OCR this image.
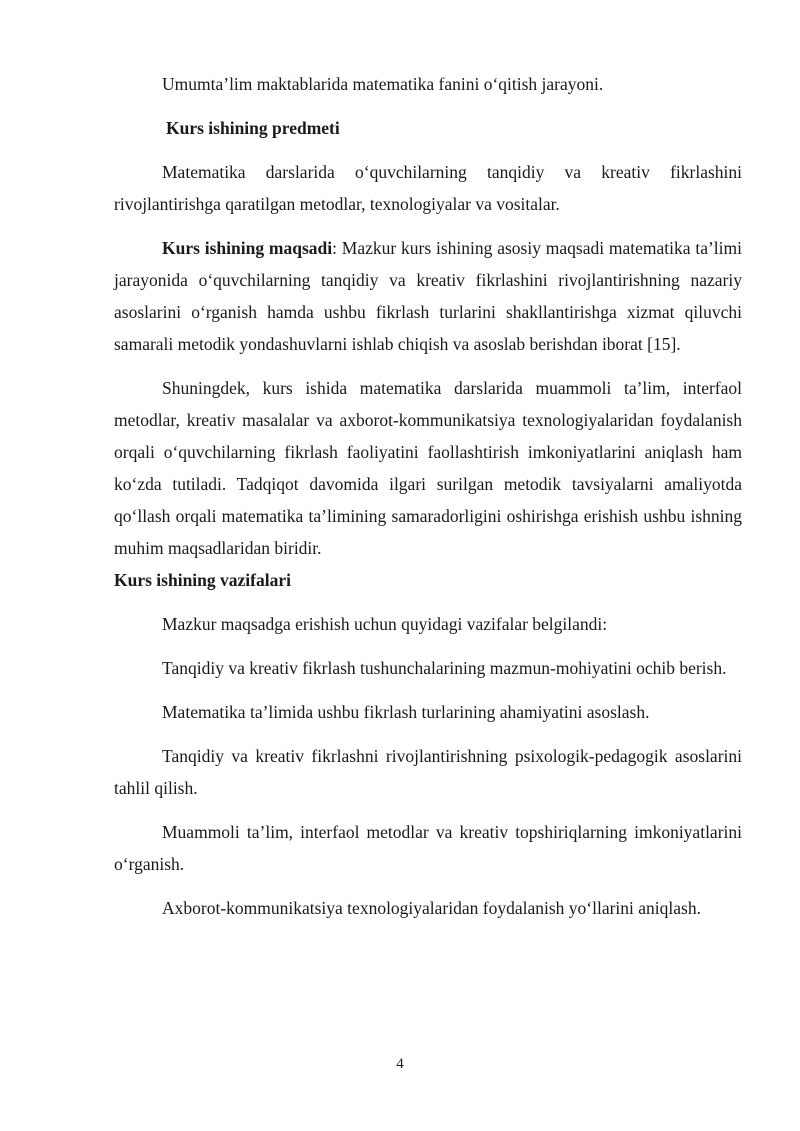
Umumta’lim maktablarida matematika fanini o‘qitish jarayoni.

Kurs ishining predmeti

Matematika darslarida o‘quvchilarning tanqidiy va kreativ fikrlashini rivojlantirishga qaratilgan metodlar, texnologiyalar va vositalar.

Kurs ishining maqsadi: Mazkur kurs ishining asosiy maqsadi matematika ta’limi jarayonida o‘quvchilarning tanqidiy va kreativ fikrlashini rivojlantirishning nazariy asoslarini o‘rganish hamda ushbu fikrlash turlarini shakllantirishga xizmat qiluvchi samarali metodik yondashuvlarni ishlab chiqish va asoslab berishdan iborat [15].

Shuningdek, kurs ishida matematika darslarida muammoli ta’lim, interfaol metodlar, kreativ masalalar va axborot-kommunikatsiya texnologiyalaridan foydalanish orqali o‘quvchilarning fikrlash faoliyatini faollashtirish imkoniyatlarini aniqlash ham ko‘zda tutiladi. Tadqiqot davomida ilgari surilgan metodik tavsiyalarni amaliyotda qo‘llash orqali matematika ta’limining samaradorligini oshirishga erishish ushbu ishning muhim maqsadlaridan biridir.

Kurs ishining vazifalari

Mazkur maqsadga erishish uchun quyidagi vazifalar belgilandi:

Tanqidiy va kreativ fikrlash tushunchalarining mazmun-mohiyatini ochib berish.

Matematika ta’limida ushbu fikrlash turlarining ahamiyatini asoslash.

Tanqidiy va kreativ fikrlashni rivojlantirishning psixologik-pedagogik asoslarini tahlil qilish.

Muammoli ta’lim, interfaol metodlar va kreativ topshiriqlarning imkoniyatlarini o‘rganish.

Axborot-kommunikatsiya texnologiyalaridan foydalanish yo‘llarini aniqlash.

4
